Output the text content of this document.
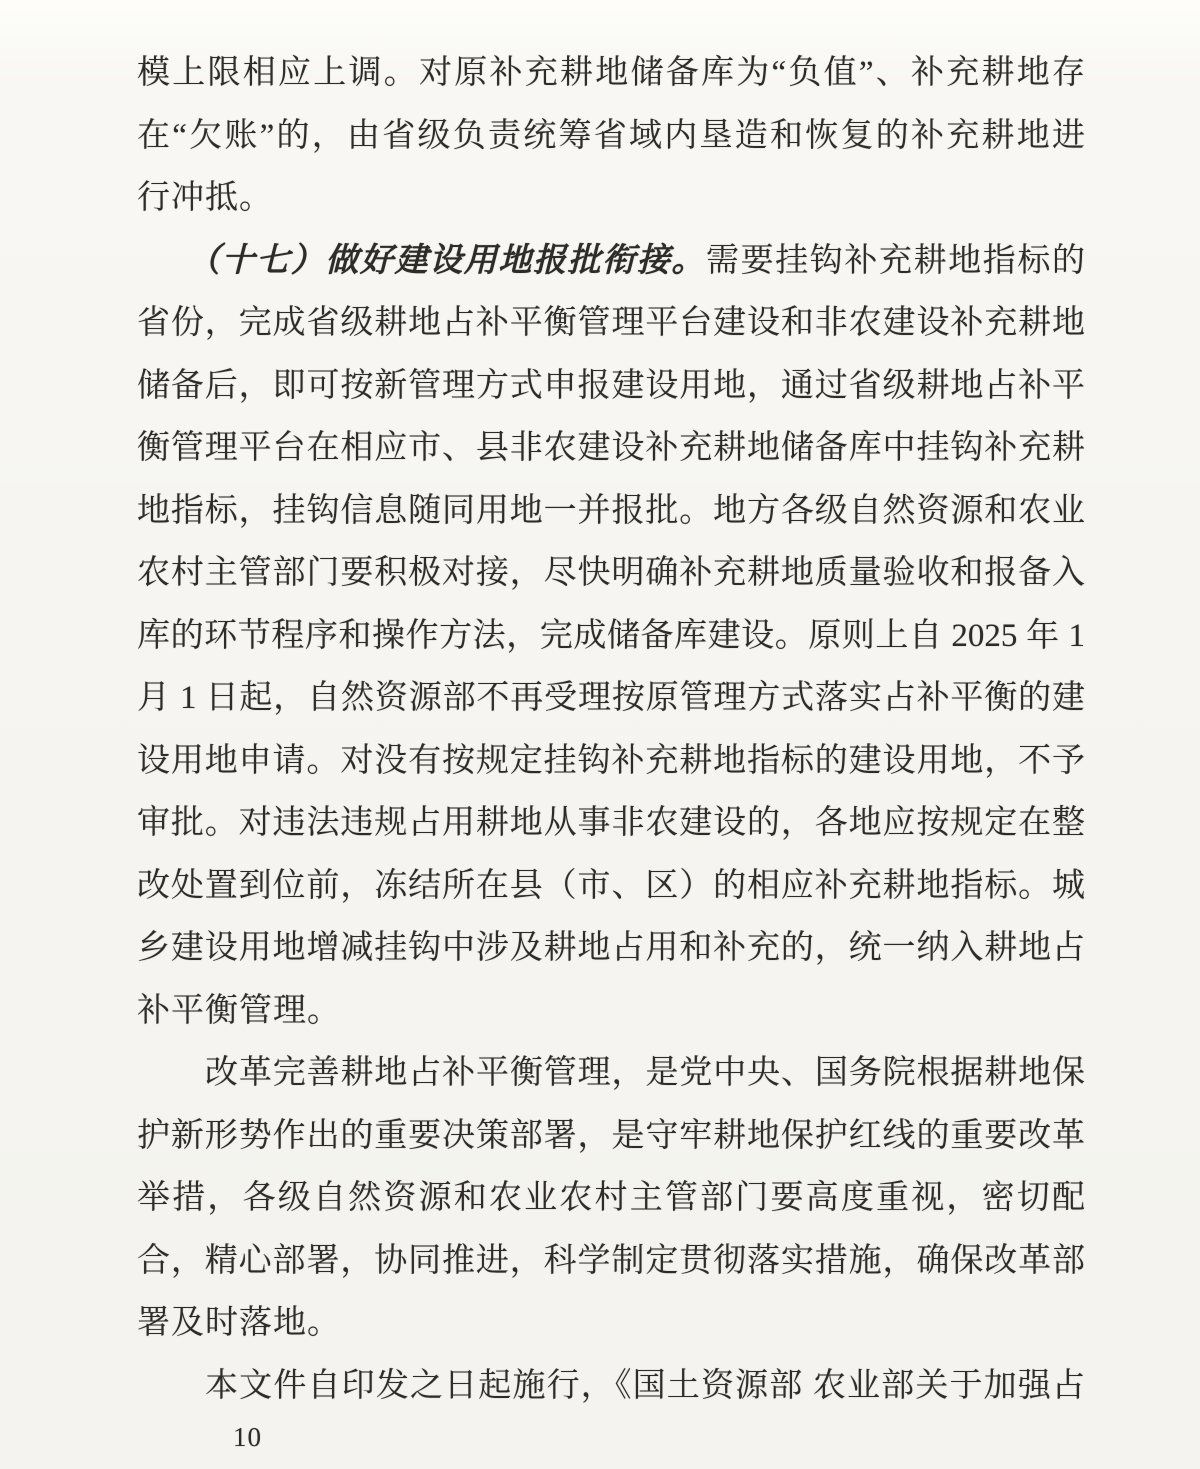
模上限相应上调。对原补充耕地储备库为“负值”、补充耕地存
在“欠账”的，由省级负责统筹省域内垦造和恢复的补充耕地进
行冲抵。
（十七）做好建设用地报批衔接。需要挂钩补充耕地指标的
省份，完成省级耕地占补平衡管理平台建设和非农建设补充耕地
储备后，即可按新管理方式申报建设用地，通过省级耕地占补平
衡管理平台在相应市、县非农建设补充耕地储备库中挂钩补充耕
地指标，挂钩信息随同用地一并报批。地方各级自然资源和农业
农村主管部门要积极对接，尽快明确补充耕地质量验收和报备入
库的环节程序和操作方法，完成储备库建设。原则上自 2025 年 1
月 1 日起，自然资源部不再受理按原管理方式落实占补平衡的建
设用地申请。对没有按规定挂钩补充耕地指标的建设用地，不予
审批。对违法违规占用耕地从事非农建设的，各地应按规定在整
改处置到位前，冻结所在县（市、区）的相应补充耕地指标。城
乡建设用地增减挂钩中涉及耕地占用和补充的，统一纳入耕地占
补平衡管理。
改革完善耕地占补平衡管理，是党中央、国务院根据耕地保
护新形势作出的重要决策部署，是守牢耕地保护红线的重要改革
举措，各级自然资源和农业农村主管部门要高度重视，密切配
合，精心部署，协同推进，科学制定贯彻落实措施，确保改革部
署及时落地。
本文件自印发之日起施行，《国土资源部 农业部关于加强占
10
